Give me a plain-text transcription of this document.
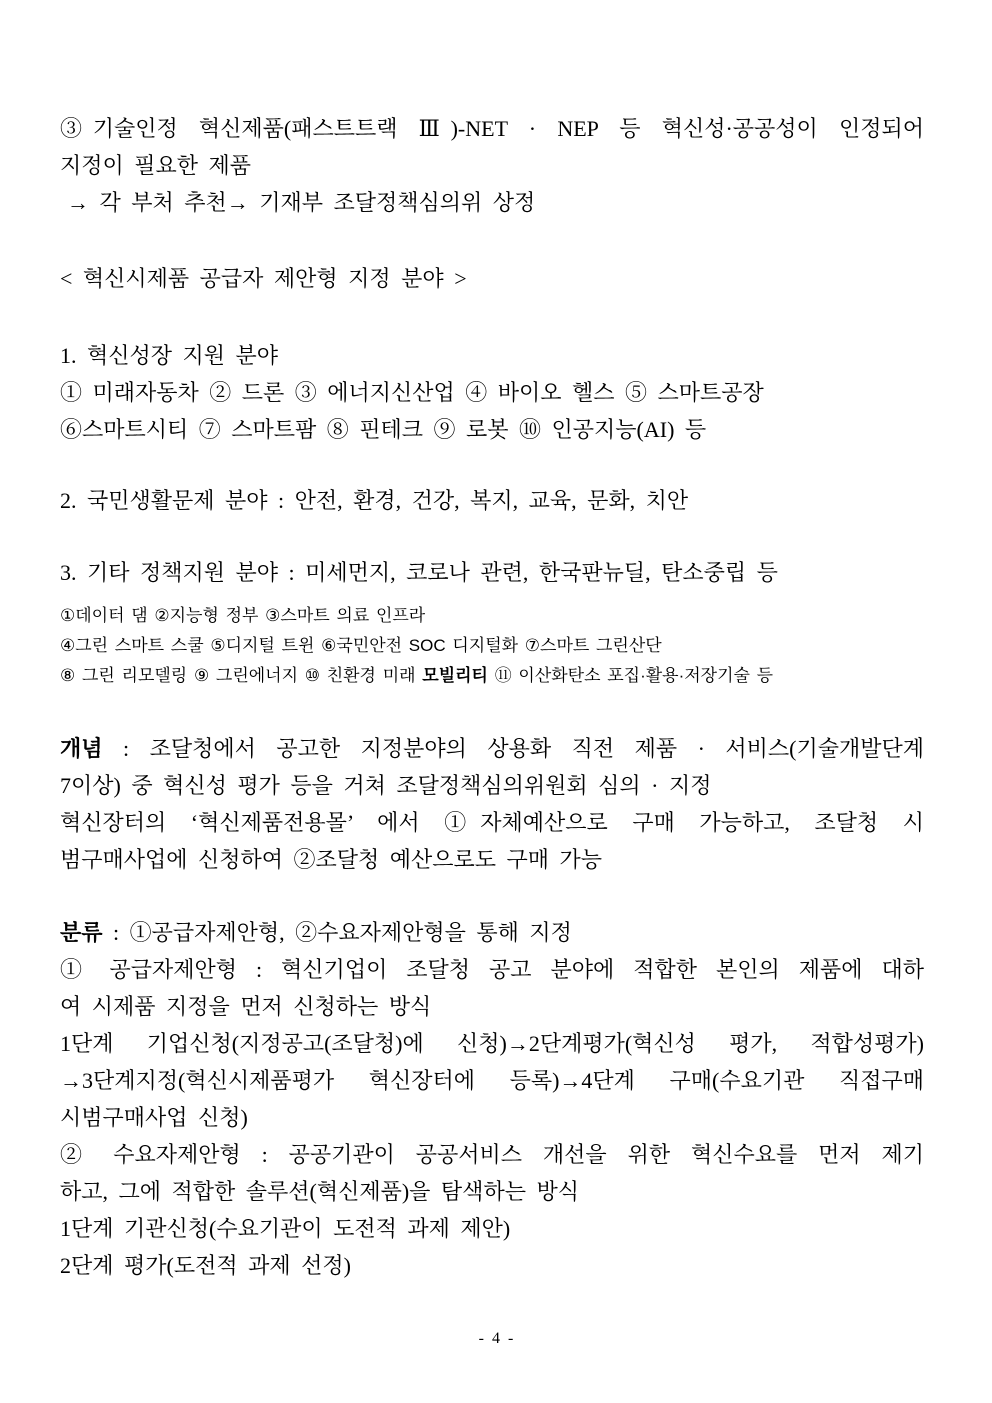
③기술인정 혁신제품(패스트트랙 Ⅲ)-NET · NEP 등 혁신성·공공성이 인정되어
지정이 필요한 제품
→ 각 부처 추천→ 기재부 조달정책심의위 상정
< 혁신시제품 공급자 제안형 지정 분야 >
1. 혁신성장 지원 분야
① 미래자동차 ② 드론 ③ 에너지신산업 ④ 바이오 헬스 ⑤ 스마트공장
⑥스마트시티 ⑦ 스마트팜 ⑧ 핀테크 ⑨ 로봇 ⑩ 인공지능(AI) 등
2. 국민생활문제 분야 : 안전, 환경, 건강, 복지, 교육, 문화, 치안
3. 기타 정책지원 분야 : 미세먼지, 코로나 관련, 한국판뉴딜, 탄소중립 등
①데이터 댐 ②지능형 정부 ③스마트 의료 인프라
④그린 스마트 스쿨 ⑤디지털 트윈 ⑥국민안전 SOC 디지털화 ⑦스마트 그린산단
⑧ 그린 리모델링 ⑨ 그린에너지 ⑩ 친환경 미래 모빌리티 ⑪ 이산화탄소 포집·활용·저장기술 등
개념 : 조달청에서 공고한 지정분야의 상용화 직전 제품 · 서비스(기술개발단계
7이상) 중 혁신성 평가 등을 거쳐 조달정책심의위원회 심의 · 지정
혁신장터의 ‘혁신제품전용몰’ 에서 ①자체예산으로 구매 가능하고, 조달청 시
범구매사업에 신청하여 ②조달청 예산으로도 구매 가능
분류 : ①공급자제안형, ②수요자제안형을 통해 지정
① 공급자제안형 : 혁신기업이 조달청 공고 분야에 적합한 본인의 제품에 대하
여 시제품 지정을 먼저 신청하는 방식
1단계 기업신청(지정공고(조달청)에 신청)→2단계평가(혁신성 평가, 적합성평가)
→3단계지정(혁신시제품평가 혁신장터에 등록)→4단계 구매(수요기관 직접구매
시범구매사업 신청)
② 수요자제안형 : 공공기관이 공공서비스 개선을 위한 혁신수요를 먼저 제기
하고, 그에 적합한 솔루션(혁신제품)을 탐색하는 방식
1단계 기관신청(수요기관이 도전적 과제 제안)
2단계 평가(도전적 과제 선정)
- 4 -
